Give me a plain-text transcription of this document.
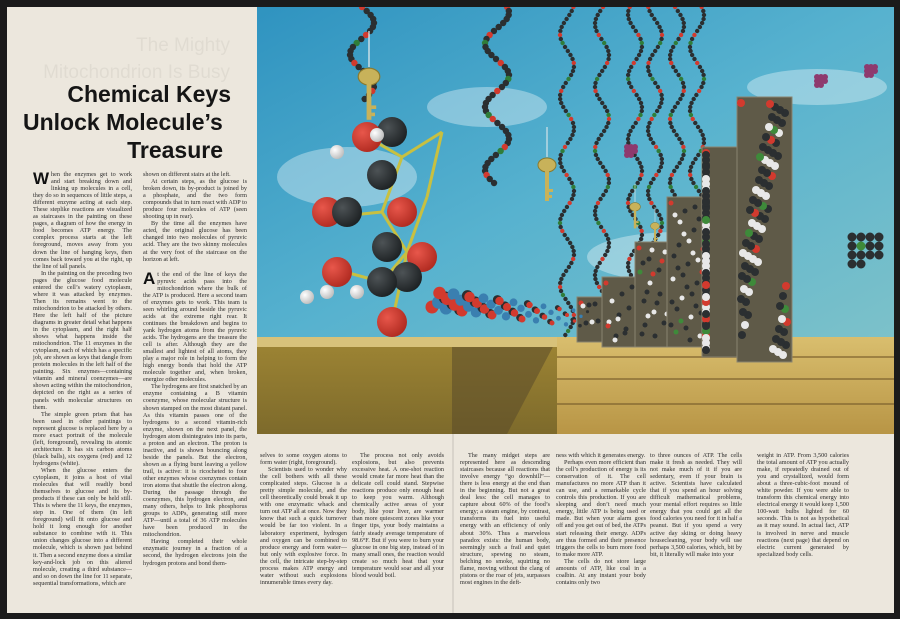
The Mighty Mitochondrion Is Busy
Chemical Keys
Unlock Molecule’s
Treasure

When the enzymes get to work and start breaking down and linking up molecules in a cell, they do so in sequences of little steps, a different enzyme acting at each step. These steplike reactions are visualized as staircases in the painting on these pages, a diagram of how the energy in food becomes ATP energy. The complex process starts at the left foreground, moves away from you down the line of hanging keys, then comes back toward you at the right, up the line of tall panels.

In the painting on the preceding two pages the glucose food molecule entered the cell’s watery cytoplasm, where it was attacked by enzymes. Then its remains went to the mitochondrion to be attacked by others. Here the left half of the picture diagrams in greater detail what happens in the cytoplasm, and the right half shows what happens inside the mitochondrion. The 11 enzymes in the cytoplasm, each of which has a specific job, are shown as keys that dangle from protein molecules in the left half of the painting. Six enzymes—containing vitamin and mineral coenzymes—are shown acting within the mitochondrion, depicted on the right as a series of panels with molecular structures on them.

The simple green prism that has been used in other paintings to represent glucose is replaced here by a more exact portrait of the molecule (left, foreground), revealing its atomic architecture. It has six carbon atoms (black balls), six oxygens (red) and 12 hydrogens (white).

When the glucose enters the cytoplasm, it joins a host of vital molecules that will readily bond themselves to glucose and its by-products if these can only be held still. This is where the 11 keys, the enzymes, step in. One of them (in left foreground) will fit onto glucose and hold it long enough for another substance to combine with it. This union changes glucose into a different molecule, which is shown just behind it. Then a second enzyme does a similar key-and-lock job on this altered molecule, creating a third substance—and so on down the line for 11 separate, sequential transformations, which are

shown on different stairs at the left.

At certain steps, as the glucose is broken down, its by-product is joined by a phosphate, and the two form compounds that in turn react with ADP to produce four molecules of ATP (seen shooting up in rear).

By the time all the enzymes have acted, the original glucose has been changed into two molecules of pyruvic acid. They are the two skinny molecules at the very foot of the staircase on the horizon at left.

At the end of the line of keys the pyruvic acids pass into the mitochondrion where the bulk of the ATP is produced. Here a second team of enzymes gets to work. This team is seen whirling around beside the pyruvic acids at the extreme right rear. It continues the breakdown and begins to yank hydrogen atoms from the pyruvic acids. The hydrogens are the treasure the cell is after. Although they are the smallest and lightest of all atoms, they play a major role in helping to form the high energy bonds that hold the ATP molecule together and, when broken, energize other molecules.

The hydrogens are first snatched by an enzyme containing a B vitamin coenzyme, whose molecular structure is shown stamped on the most distant panel. As this vitamin passes one of the hydrogens to a second vitamin-rich enzyme, shown on the next panel, the hydrogen atom disintegrates into its parts, a proton and an electron. The proton is inactive, and is shown bouncing along beside the panels. But the electron, shown as a flying burst leaving a yellow trail, is active: it is ricocheted to four other enzymes whose coenzymes contain iron atoms that shuttle the electron along. During the passage through the coenzymes, this hydrogen electron, and many others, helps to link phosphorus groups to ADPs, generating still more ATP—until a total of 36 ATP molecules have been produced in the mitochondrion.

Having completed their whole enzymatic journey in a fraction of a second, the hydrogen electrons join the hydrogen protons and bond them-

selves to some oxygen atoms to form water (right, foreground).

Scientists used to wonder why the cell bothers with all these complicated steps. Glucose is a pretty simple molecule, and the cell theoretically could break it up with one enzymatic whack and turn out ATP all at once. Now they know that such a quick turnover would be far too violent. In a laboratory experiment, hydrogen and oxygen can be combined to produce energy and form water—but only with explosive force. In the cell, the intricate step-by-step process makes ATP energy and water without such explosions innumerable times every day.

The process not only avoids explosions, but also prevents excessive heat. A one-shot reaction would create far more heat than the delicate cell could stand. Stepwise reactions produce only enough heat to keep you warm. Although chemically active areas of your body, like your liver, are warmer than more quiescent zones like your finger tips, your body maintains a fairly steady average temperature of 98.6°F. But if you were to burn your glucose in one big step, instead of in many small ones, the reaction would create so much heat that your temperature would soar and all your blood would boil.

The many midget steps are represented here as descending staircases because all reactions that involve energy “go downhill”—there is less energy at the end than in the beginning. But not a great deal less: the cell manages to capture about 60% of the food’s energy; a steam engine, by contrast, transforms its fuel into useful energy with an efficiency of only about 30%. Thus a marvelous paradox exists: the human body, seemingly such a frail and quiet structure, spewing no steam, belching no smoke, squirting no flame, moving without the clang of pistons or the roar of jets, surpasses most engines in the deft-

ness with which it generates energy.

Perhaps even more efficient than the cell’s production of energy is its conservation of it. The cell manufactures no more ATP than it can use, and a remarkable cycle controls this production. If you are sleeping and don’t need much energy, little ATP is being used or made. But when your alarm goes off and you get out of bed, the ATPs start releasing their energy. ADPs are thus formed and their presence triggers the cells to burn more food to make more ATP.

The cells do not store large amounts of ATP, like coal in a coalbin. At any instant your body contains only two

to three ounces of ATP. The cells make it fresh as needed. They will not make much of it if you are sedentary, even if your brain is active. Scientists have calculated that if you spend an hour solving difficult mathematical problems, your mental effort requires so little energy that you could get all the food calories you need for it in half a peanut. But if you spend a very active day skiing or doing heavy housecleaning, your body will use perhaps 3,500 calories, which, bit by bit, it literally will make into your

weight in ATP. From 3,500 calories the total amount of ATP you actually make, if repeatedly drained out of you and crystallized, would form about a three-cubic-foot mound of white powder. If you were able to transform this chemical energy into electrical energy it would keep 1,500 100-watt bulbs lighted for 60 seconds. This is not as hypothetical as it may sound. In actual fact, ATP is involved in nerve and muscle reactions (next page) that depend on electric current generated by specialized body cells.
